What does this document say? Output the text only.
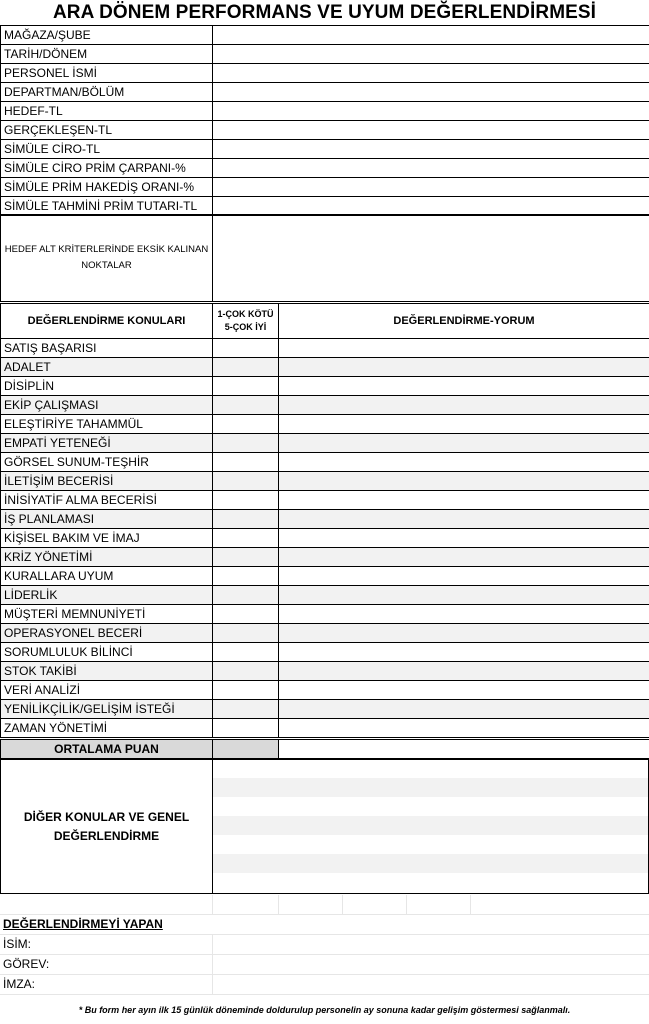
ARA DÖNEM PERFORMANS VE UYUM DEĞERLENDİRMESİ
MAĞAZA/ŞUBE	
TARİH/DÖNEM	
PERSONEL İSMİ	
DEPARTMAN/BÖLÜM	
HEDEF-TL	
GERÇEKLEŞEN-TL	
SİMÜLE CİRO-TL	
SİMÜLE CİRO PRİM ÇARPANI-%	
SİMÜLE PRİM HAKEDİŞ ORANI-%	
SİMÜLE TAHMİNİ PRİM TUTARI-TL	
HEDEF ALT KRİTERLERİNDE EKSİK KALINAN NOKTALAR	
DEĞERLENDİRME KONULARI	
1-ÇOK KÖTÜ
5-ÇOK İYİ	DEĞERLENDİRME-YORUM
SATIŞ BAŞARISI		
ADALET		
DİSİPLİN		
EKİP ÇALIŞMASI		
ELEŞTİRİYE TAHAMMÜL		
EMPATİ YETENEĞİ		
GÖRSEL SUNUM-TEŞHİR		
İLETİŞİM BECERİSİ		
İNİSİYATİF ALMA BECERİSİ		
İŞ PLANLAMASI		
KİŞİSEL BAKIM VE İMAJ		
KRİZ YÖNETİMİ		
KURALLARA UYUM		
LİDERLİK		
MÜŞTERİ MEMNUNİYETİ		
OPERASYONEL BECERİ		
SORUMLULUK BİLİNCİ		
STOK TAKİBİ		
VERİ ANALİZİ		
YENİLİKÇİLİK/GELİŞİM İSTEĞİ		
ZAMAN YÖNETİMİ		
ORTALAMA PUAN		
DİĞER KONULAR VE GENEL DEĞERLENDİRME
DEĞERLENDİRMEYİ YAPAN
İSİM:
GÖREV:
İMZA:
* Bu form her ayın ilk 15 günlük döneminde doldurulup personelin ay sonuna kadar gelişim göstermesi sağlanmalı.
